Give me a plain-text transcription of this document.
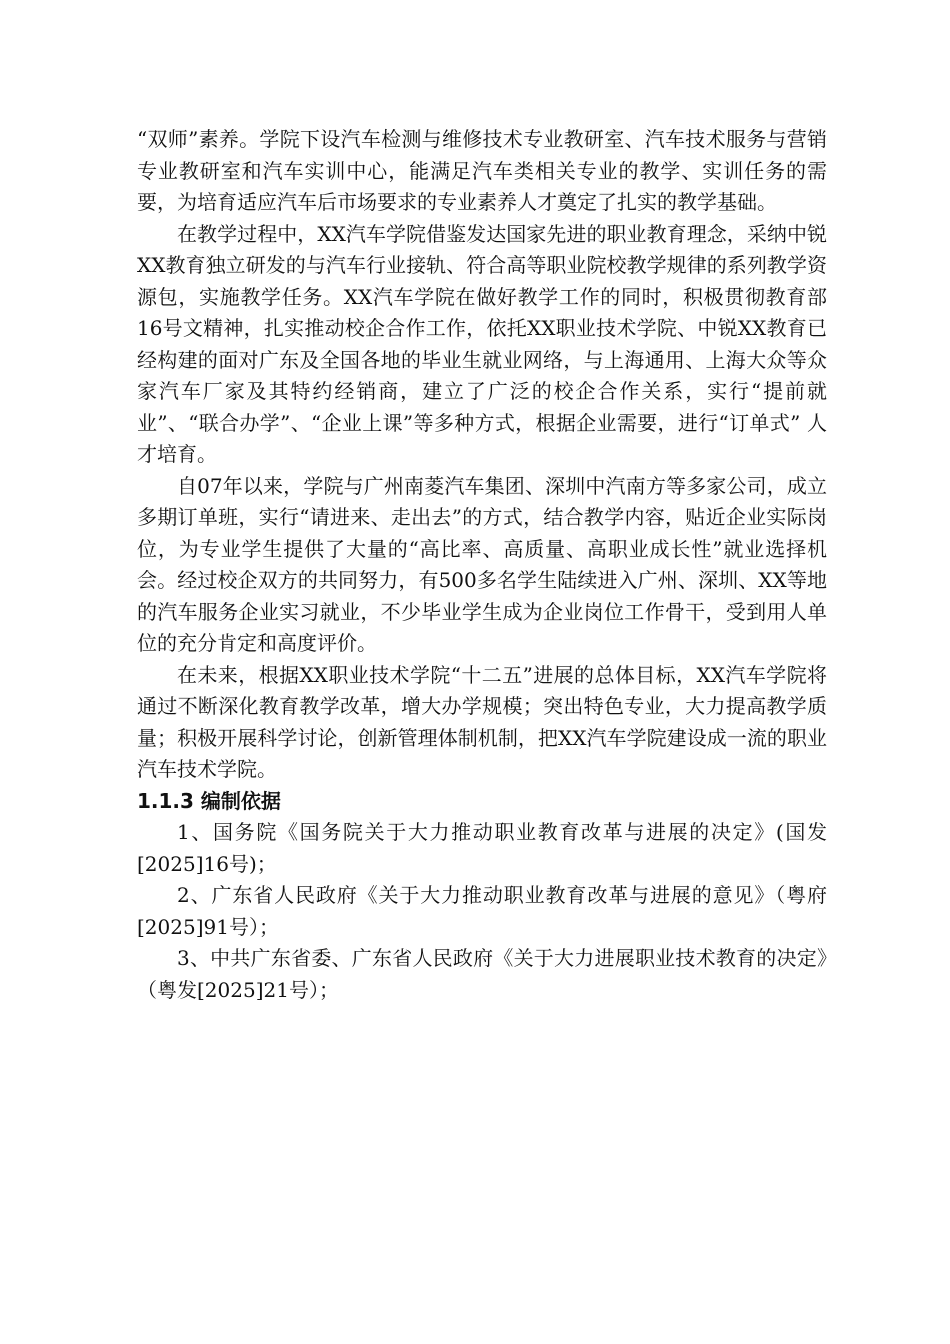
“双师”素养。学院下设汽车检测与维修技术专业教研室、汽车技术服务与营销专业教研室和汽车实训中心，能满足汽车类相关专业的教学、实训任务的需要，为培育适应汽车后市场要求的专业素养人才奠定了扎实的教学基础。

在教学过程中，XX汽车学院借鉴发达国家先进的职业教育理念，采纳中锐XX教育独立研发的与汽车行业接轨、符合高等职业院校教学规律的系列教学资源包，实施教学任务。XX汽车学院在做好教学工作的同时，积极贯彻教育部16号文精神，扎实推动校企合作工作，依托XX职业技术学院、中锐XX教育已经构建的面对广东及全国各地的毕业生就业网络，与上海通用、上海大众等众家汽车厂家及其特约经销商，建立了广泛的校企合作关系，实行“提前就业”、“联合办学”、“企业上课”等多种方式，根据企业需要，进行“订单式” 人才培育。

自07年以来，学院与广州南菱汽车集团、深圳中汽南方等多家公司，成立多期订单班，实行“请进来、走出去”的方式，结合教学内容，贴近企业实际岗位，为专业学生提供了大量的“高比率、高质量、高职业成长性”就业选择机会。经过校企双方的共同努力，有500多名学生陆续进入广州、深圳、XX等地的汽车服务企业实习就业，不少毕业学生成为企业岗位工作骨干，受到用人单位的充分肯定和高度评价。

在未来，根据XX职业技术学院“十二五”进展的总体目标，XX汽车学院将通过不断深化教育教学改革，增大办学规模；突出特色专业，大力提高教学质量；积极开展科学讨论，创新管理体制机制，把XX汽车学院建设成一流的职业汽车技术学院。

1.1.3 编制依据

1、国务院《国务院关于大力推动职业教育改革与进展的决定》(国发[2025]16号)；

2、广东省人民政府《关于大力推动职业教育改革与进展的意见》（粤府[2025]91号）；

3、中共广东省委、广东省人民政府《关于大力进展职业技术教育的决定》（粤发[2025]21号）；
